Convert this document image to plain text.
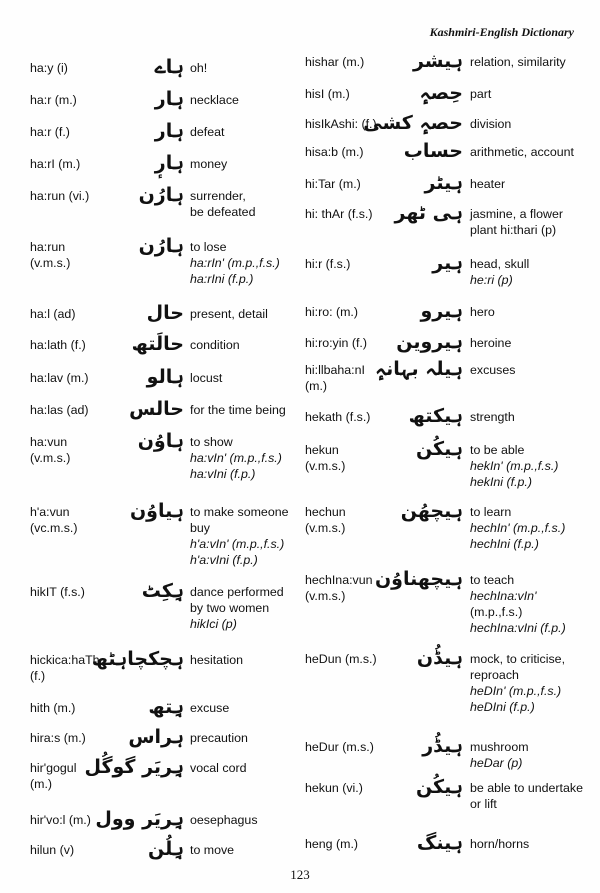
Kashmiri-English Dictionary
ha:y (i)	ہاے oh!
ha:r (m.)	ہار necklace
ha:r (f.)	ہار defeat
ha:rI (m.)	ہارٕ money
ha:run (vi.)	ہارُن surrender,
be defeated
ha:run
(v.m.s.)
ہارُن to lose
ha:rIn' (m.p.,f.s.)
ha:rIni (f.p.)
ha:l (ad)	حال present, detail
ha:lath (f.)	حالَتھ condition
ha:lav (m.)	ہالو locust
ha:las (ad)	حالس for the time being
ha:vun
(v.m.s.)
ہاوُن to show
ha:vIn' (m.p.,f.s.)
ha:vIni (f.p.)
h'a:vun
(vc.m.s.)
ہیاوُن to make someone
buy
h'a:vIn' (m.p.,f.s.)
h'a:vIni (f.p.)
hikIT (f.s.)	ہِکِٹ dance performed
by two women
hikIci (p)
hickica:haTh
(f.)
ہچکچاہٹھ hesitation
hith (m.)	ہِتھ excuse
hira:s (m.)	ہراس precaution
hir'gogul
(m.)
ہِریَر گوگُل vocal cord
hir'vo:l (m.) ہِریَر وول oesephagus
hilun (v)	ہِلُن to move
hishar (m.)	ہیشر relation, similarity
hisI (m.)	حِصہٕ part
hisIkAshi: (f.)
حصہٕ کشی division
hisa:b (m.)	حساب arithmetic, account
hi:Tar (m.)	ہیٹر heater
hi: thAr (f.s.)	ہی ٹھر jasmine, a flower
plant hi:thari (p)
hi:r (f.s.)	ہیر head, skull
he:ri (p)
hi:ro: (m.)	ہیرو hero
hi:ro:yin (f.)	ہیروین heroine
hi:llbaha:nI
(m.)
ہیلہ بہانہٕ excuses
hekath (f.s.)	ہیکتھ strength
hekun
(v.m.s.)
ہیکُن to be able
hekIn' (m.p.,f.s.)
hekIni (f.p.)
hechun
(v.m.s.)
ہیچھُن to learn
hechIn' (m.p.,f.s.)
hechIni (f.p.)
hechIna:vun
(v.m.s.)
ہیچھناوُن to teach
hechIna:vIn'
(m.p.,f.s.)
hechIna:vIni (f.p.)
heDun (m.s.)	ہیڈُن mock, to criticise,
reproach
heDIn' (m.p.,f.s.)
heDIni (f.p.)
heDur (m.s.)	ہیڈُر mushroom
heDar (p)
hekun (vi.)	ہیکُن be able to undertake
or lift
heng (m.)	ہینگ horn/horns
123
